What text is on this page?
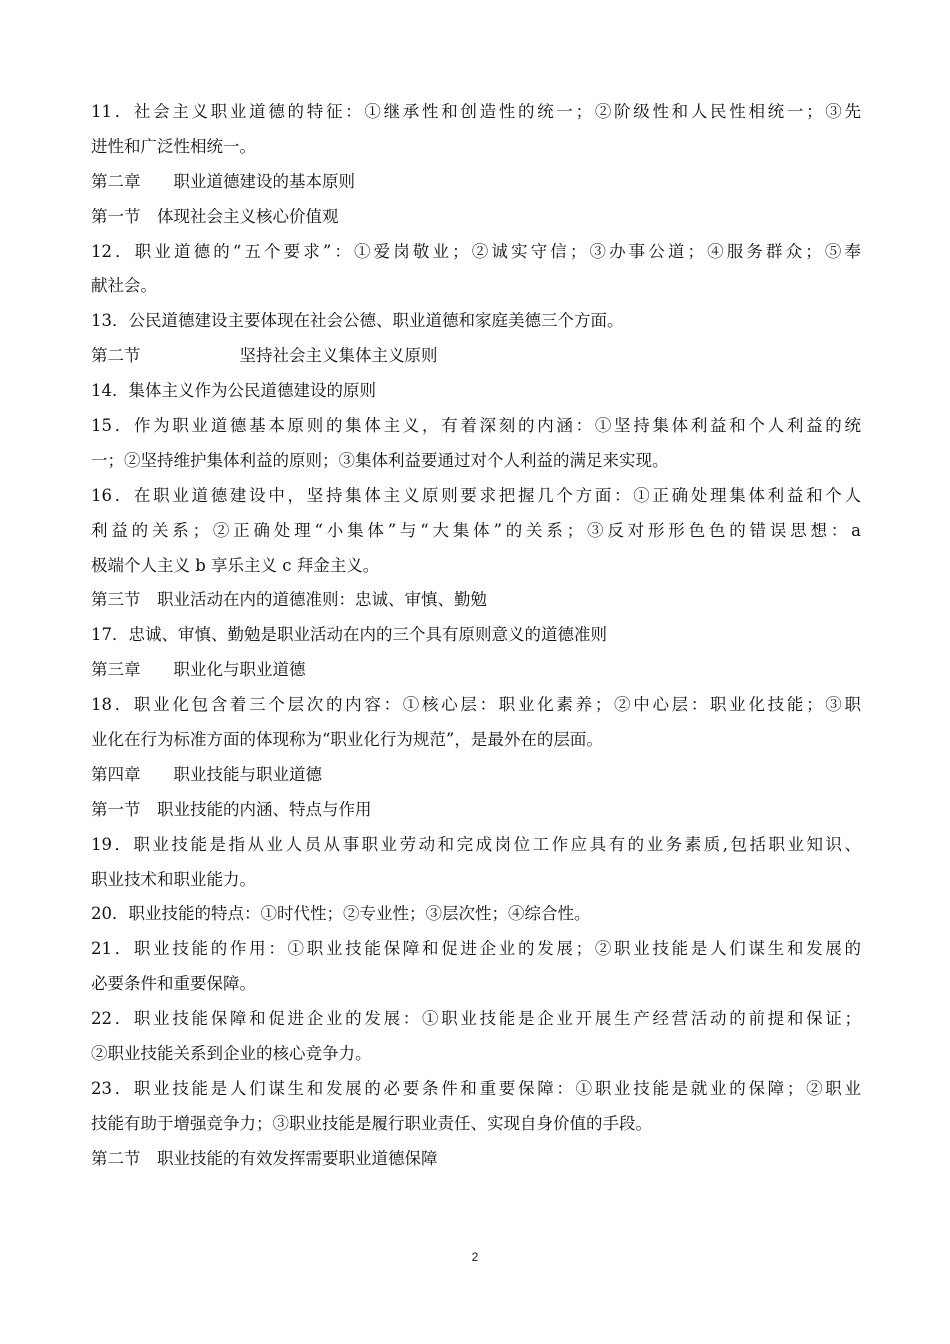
11．社会主义职业道德的特征：①继承性和创造性的统一；②阶级性和人民性相统一；③先
进性和广泛性相统一。
第二章　　职业道德建设的基本原则
第一节　体现社会主义核心价值观
12．职业道德的“五个要求”：①爱岗敬业；②诚实守信；③办事公道；④服务群众；⑤奉
献社会。
13．公民道德建设主要体现在社会公德、职业道德和家庭美德三个方面。
第二节　　　　　　坚持社会主义集体主义原则
14．集体主义作为公民道德建设的原则
15．作为职业道德基本原则的集体主义，有着深刻的内涵：①坚持集体利益和个人利益的统
一；②坚持维护集体利益的原则；③集体利益要通过对个人利益的满足来实现。
16．在职业道德建设中，坚持集体主义原则要求把握几个方面：①正确处理集体利益和个人
利益的关系；②正确处理“小集体”与“大集体”的关系；③反对形形色色的错误思想：a
极端个人主义 b 享乐主义 c 拜金主义。
第三节　职业活动在内的道德准则：忠诚、审慎、勤勉
17．忠诚、审慎、勤勉是职业活动在内的三个具有原则意义的道德准则
第三章　　职业化与职业道德
18．职业化包含着三个层次的内容：①核心层：职业化素养；②中心层：职业化技能；③职
业化在行为标准方面的体现称为“职业化行为规范”，是最外在的层面。
第四章　　职业技能与职业道德
第一节　职业技能的内涵、特点与作用
19．职业技能是指从业人员从事职业劳动和完成岗位工作应具有的业务素质,包括职业知识、
职业技术和职业能力。
20．职业技能的特点：①时代性；②专业性；③层次性；④综合性。
21．职业技能的作用：①职业技能保障和促进企业的发展；②职业技能是人们谋生和发展的
必要条件和重要保障。
22．职业技能保障和促进企业的发展：①职业技能是企业开展生产经营活动的前提和保证；
②职业技能关系到企业的核心竞争力。
23．职业技能是人们谋生和发展的必要条件和重要保障：①职业技能是就业的保障；②职业
技能有助于增强竞争力；③职业技能是履行职业责任、实现自身价值的手段。
第二节　职业技能的有效发挥需要职业道德保障
2
